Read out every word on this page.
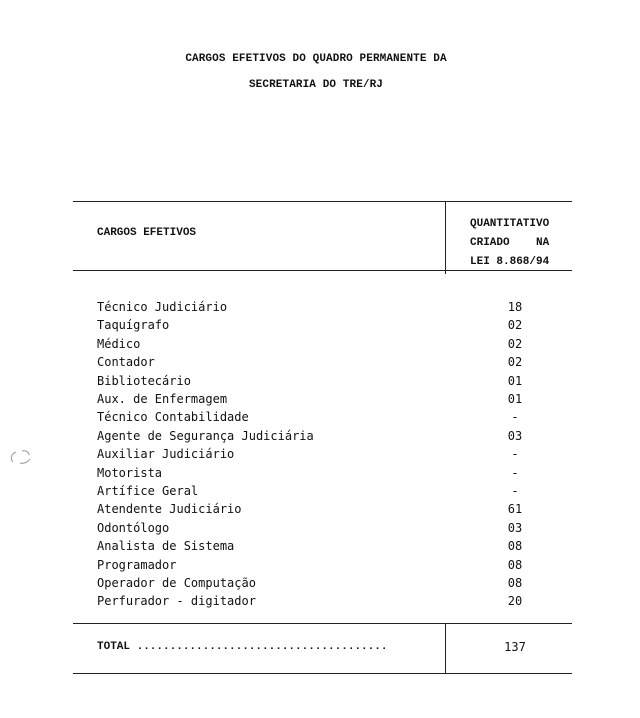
CARGOS EFETIVOS DO QUADRO PERMANENTE DA
SECRETARIA DO TRE/RJ
CARGOS EFETIVOS
QUANTITATIVO
CRIADO    NA
LEI 8.868/94
Técnico Judiciário	18
Taquígrafo	02
Médico	02
Contador	02
Bibliotecário	01
Aux. de Enfermagem	01
Técnico Contabilidade	-
Agente de Segurança Judiciária	03
Auxiliar Judiciário	-
Motorista	-
Artífice Geral	-
Atendente Judiciário	61
Odontólogo	03
Analista de Sistema	08
Programador	08
Operador de Computação	08
Perfurador - digitador	20
TOTAL ......................................	137
